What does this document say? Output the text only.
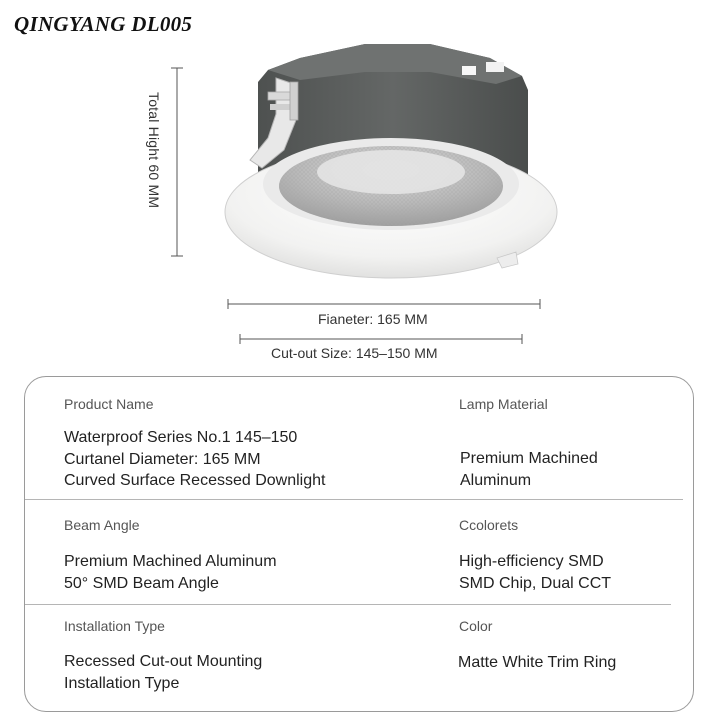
QINGYANG DL005
Total Hight 60 MM
Fianeter: 165 MM
Cut-out Size: 145–150 MM
Product Name
Waterproof Series No.1 145–150
Curtanel Diameter: 165 MM
Curved Surface Recessed Downlight
Lamp Material
Premium Machined
Aluminum
Beam Angle
Premium Machined Aluminum
50° SMD Beam Angle
Ccolorets
High-efficiency SMD
SMD Chip, Dual CCT
Installation Type
Recessed Cut-out Mounting
Installation Type
Color
Matte White Trim Ring
